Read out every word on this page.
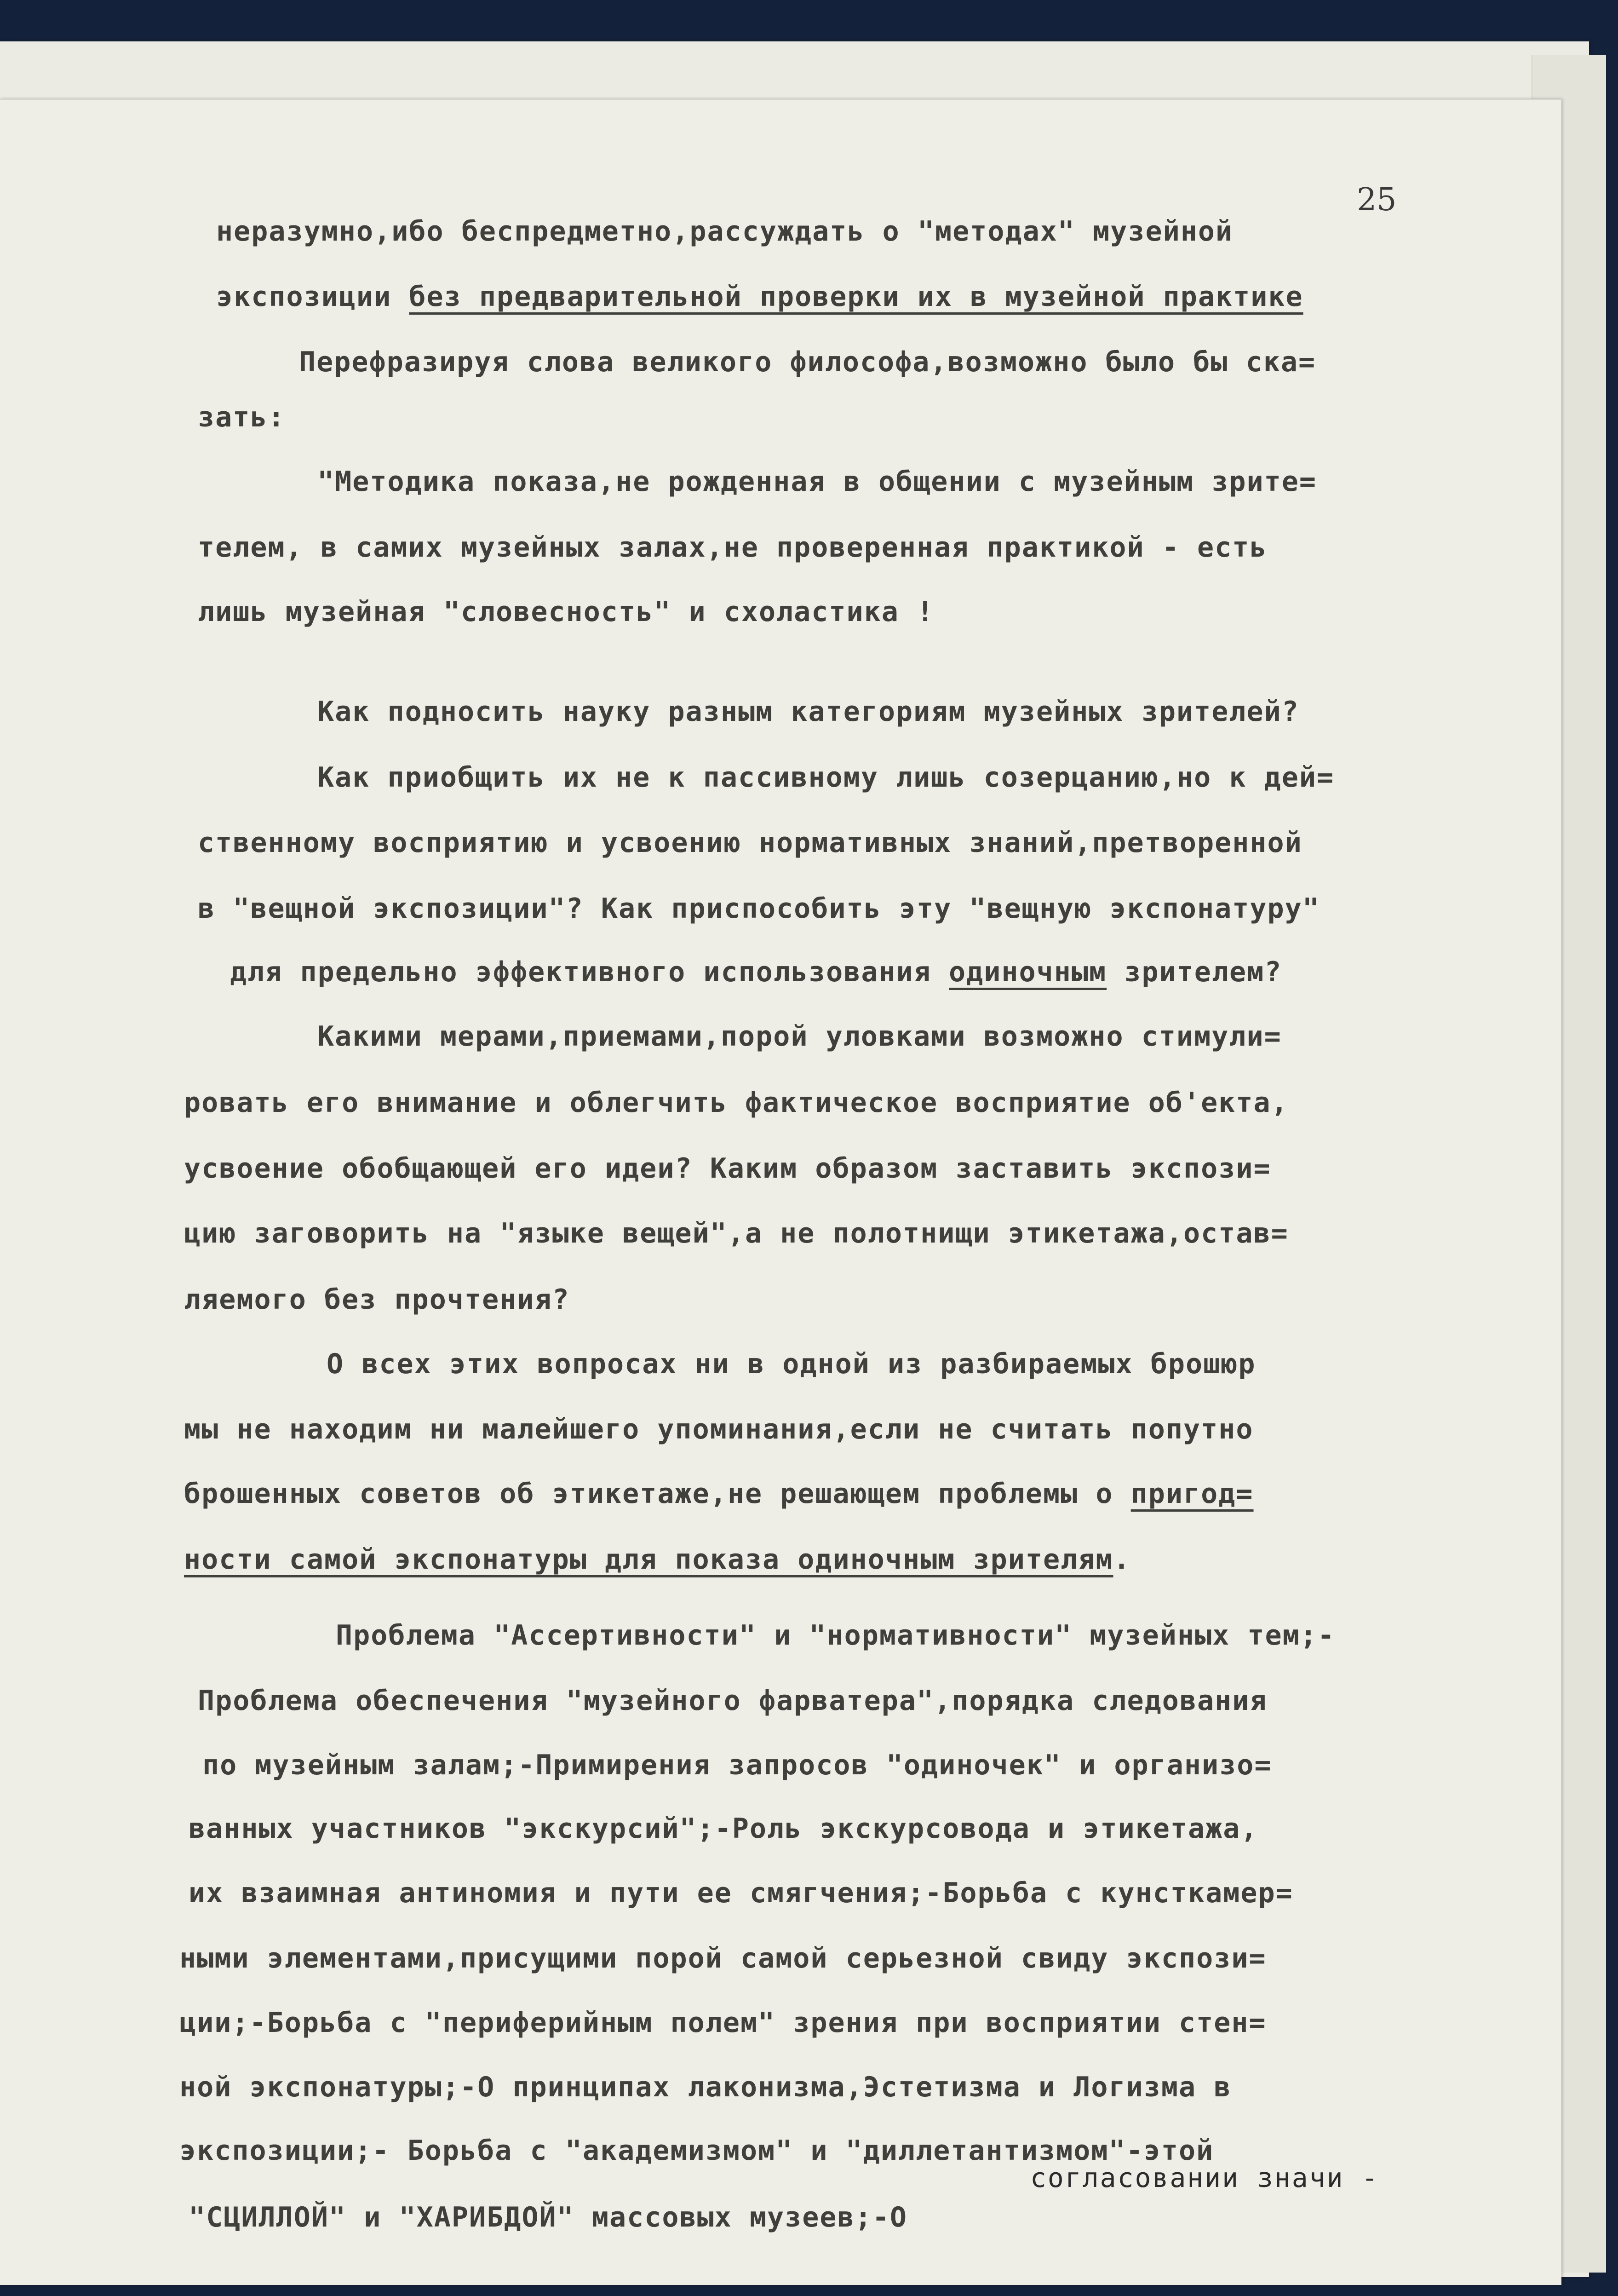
25
неразумно,ибо беспредметно,рассуждать о "методах" музейной
экспозиции без предварительной проверки их в музейной практике
Перефразируя слова великого философа,возможно было бы ска=
зать:
"Методика показа,не рожденная в общении с музейным зрите=
телем, в самих музейных залах,не проверенная практикой - есть
лишь музейная "словесность" и схоластика !
Как подносить науку разным категориям музейных зрителей?
Как приобщить их не к пассивному лишь созерцанию,но к дей=
ственному восприятию и усвоению нормативных знаний,претворенной
в "вещной экспозиции"? Как приспособить эту "вещную экспонатуру"
для предельно эффективного использования одиночным зрителем?
Какими мерами,приемами,порой уловками возможно стимули=
ровать его внимание и облегчить фактическое восприятие об'екта,
усвоение обобщающей его идеи? Каким образом заставить экспози=
цию заговорить на "языке вещей",а не полотнищи этикетажа,остав=
ляемого без прочтения?
О всех этих вопросах ни в одной из разбираемых брошюр
мы не находим ни малейшего упоминания,если не считать попутно
брошенных советов об этикетаже,не решающем проблемы о пригод=
ности самой экспонатуры для показа одиночным зрителям.
Проблема "Ассертивности" и "нормативности" музейных тем;-
Проблема обеспечения "музейного фарватера",порядка следования
по музейным залам;-Примирения запросов "одиночек" и организо=
ванных участников "экскурсий";-Роль экскурсовода и этикетажа,
их взаимная антиномия и пути ее смягчения;-Борьба с кунсткамер=
ными элементами,присущими порой самой серьезной свиду экспози=
ции;-Борьба с "периферийным полем" зрения при восприятии стен=
ной экспонатуры;-О принципах лаконизма,Эстетизма и Логизма в
экспозиции;- Борьба с "академизмом" и "диллетантизмом"-этой
"СЦИЛЛОЙ" и "ХАРИБДОЙ" массовых музеев;-О
согласовании значи -
